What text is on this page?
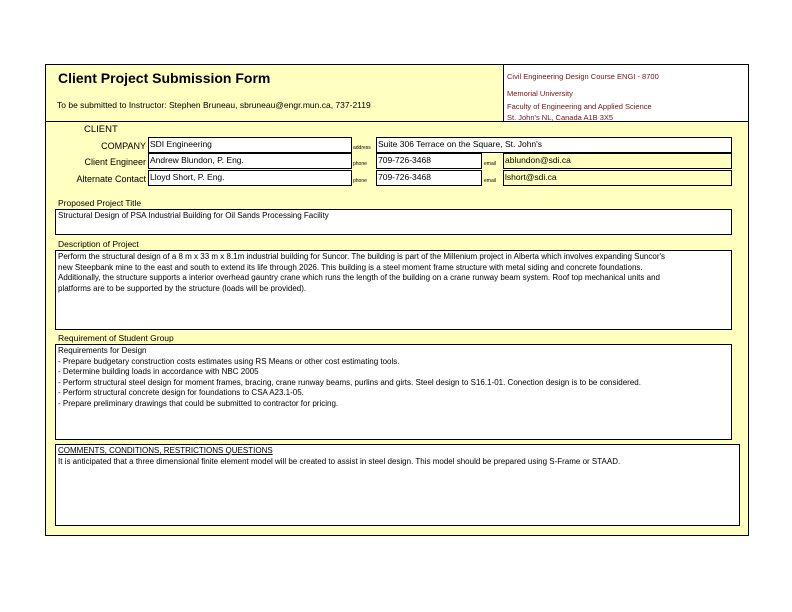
Client Project Submission Form
To be submitted to Instructor: Stephen Bruneau, sbruneau@engr.mun.ca, 737-2119
Civil Engineering Design Course ENGI - 8700
Memorial University
Faculty of Engineering and Applied Science
St. John's NL, Canada A1B 3X5
CLIENT
COMPANY SDI Engineering	address Suite 306 Terrace on the Square, St. John's
Client Engineer Andrew Blundon, P. Eng.	phone 709-726-3468	email ablundon@sdi.ca
Alternate Contact Lloyd Short, P. Eng.	phone 709-726-3468	email lshort@sdi.ca
Proposed Project Title
Structural Design of PSA Industrial Building for Oil Sands Processing Facility
Description of Project
Perform the structural design of a 8 m x 33 m x 8.1m industrial building for Suncor. The building is part of the Millenium project in Alberta which involves expanding Suncor's
new Steepbank mine to the east and south to extend its life through 2026. This building is a steel moment frame structure with metal siding and concrete foundations.
Additionally, the structure supports a interior overhead gauntry crane which runs the length of the building on a crane runway beam system. Roof top mechanical units and
platforms are to be supported by the structure (loads will be provided).
Requirement of Student Group
Requirements for Design
- Prepare budgetary construction costs estimates using RS Means or other cost estimating tools.
- Determine building loads in accordance with NBC 2005
- Perform structural steel design for moment frames, bracing, crane runway beams, purlins and girts. Steel design to S16.1-01. Conection design is to be considered.
- Perform structural concrete design for foundations to CSA A23.1-05.
- Prepare preliminary drawings that could be submitted to contractor for pricing.
COMMENTS, CONDITIONS, RESTRICTIONS QUESTIONS
It is anticipated that a three dimensional finite element model will be created to assist in steel design. This model should be prepared using S-Frame or STAAD.
